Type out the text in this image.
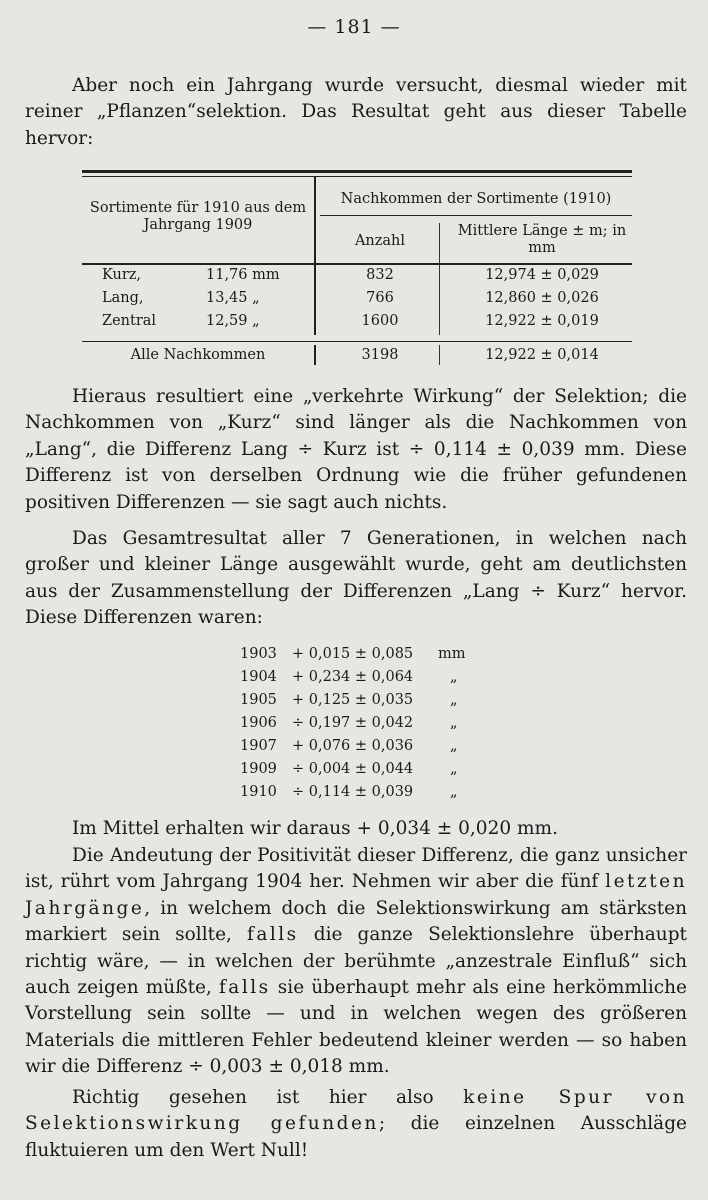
— 181 —

Aber noch ein Jahrgang wurde versucht, diesmal wieder mit reiner „Pflanzen“selektion. Das Resultat geht aus dieser Tabelle hervor:

Sortimente für 1910 aus dem Jahrgang 1909
Nachkommen der Sortimente (1910)
Anzahl
Mittlere Länge ± m; in mm
Kurz,	11,76 mm	832	12,974 ± 0,029
Lang,	13,45 „	766	12,860 ± 0,026
Zentral	12,59 „	1600	12,922 ± 0,019
Alle Nachkommen	3198	12,922 ± 0,014

Hieraus resultiert eine „verkehrte Wirkung“ der Selektion; die Nachkommen von „Kurz“ sind länger als die Nachkommen von „Lang“, die Differenz Lang ÷ Kurz ist ÷ 0,114 ± 0,039 mm. Diese Differenz ist von derselben Ordnung wie die früher gefundenen positiven Differenzen — sie sagt auch nichts.

Das Gesamtresultat aller 7 Generationen, in welchen nach großer und kleiner Länge ausgewählt wurde, geht am deutlichsten aus der Zusammenstellung der Differenzen „Lang ÷ Kurz“ hervor. Diese Differenzen waren:

1903 + 0,015 ± 0,085 mm
1904 + 0,234 ± 0,064	„
1905 + 0,125 ± 0,035	„
1906 ÷ 0,197 ± 0,042	„
1907 + 0,076 ± 0,036	„
1909 ÷ 0,004 ± 0,044	„
1910 ÷ 0,114 ± 0,039	„

Im Mittel erhalten wir daraus + 0,034 ± 0,020 mm.

Die Andeutung der Positivität dieser Differenz, die ganz unsicher ist, rührt vom Jahrgang 1904 her. Nehmen wir aber die fünf letzten Jahrgänge, in welchem doch die Selektionswirkung am stärksten markiert sein sollte, falls die ganze Selektionslehre überhaupt richtig wäre, — in welchen der berühmte „anzestrale Einfluß“ sich auch zeigen müßte, falls sie überhaupt mehr als eine herkömmliche Vorstellung sein sollte — und in welchen wegen des größeren Materials die mittleren Fehler bedeutend kleiner werden — so haben wir die Differenz ÷ 0,003 ± 0,018 mm.

Richtig gesehen ist hier also keine Spur von Selektionswirkung gefunden; die einzelnen Ausschläge fluktuieren um den Wert Null!
